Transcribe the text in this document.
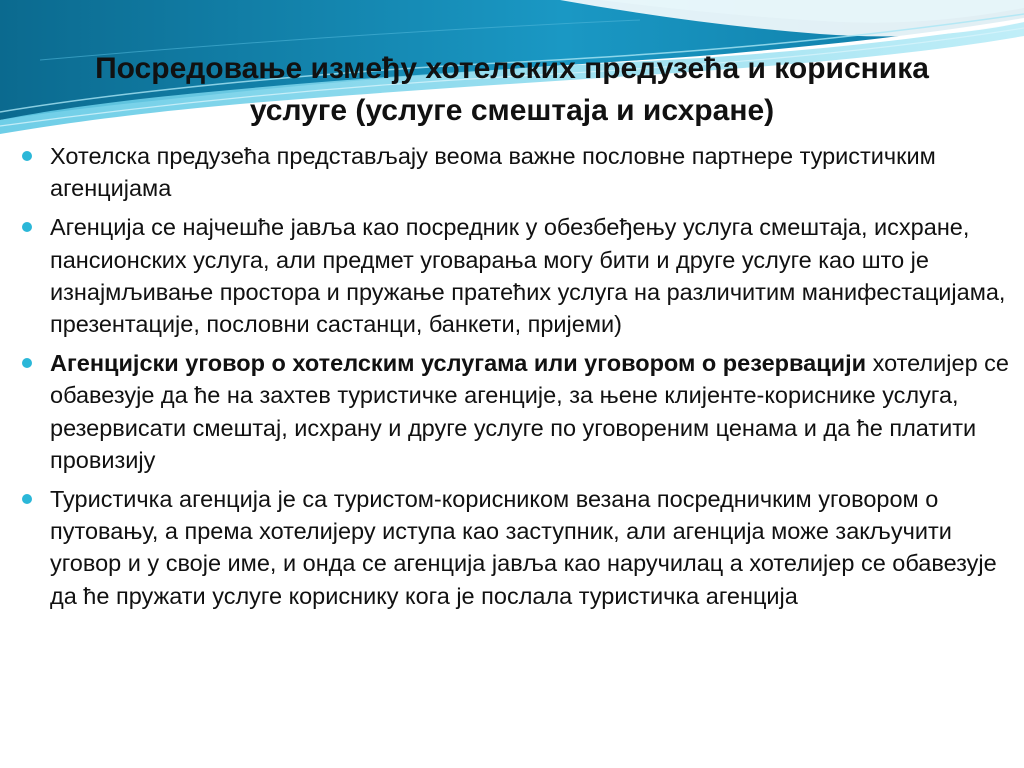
Посредовање између хотелских предузећа и корисника
услуге (услуге смештаја и исхране)
Хотелска предузећа представљају веома важне пословне партнере туристичким агенцијама
Агенција се најчешће јавља као посредник у обезбеђењу услуга смештаја, исхране, пансионских услуга, али предмет уговарања могу бити и друге услуге као што је изнајмљивање простора и пружање пратећих услуга на различитим манифестацијама, презентације, пословни састанци, банкети, пријеми)
Агенцијски уговор о хотелским услугама или уговором о резервацији хотелијер се обавезује да ће на захтев туристичке агенције, за њене клијенте-кориснике услуга, резервисати смештај, исхрану и друге услуге по уговореним ценама и да ће платити провизију
Туристичка агенција је са туристом-корисником везана посредничким уговором о путовању, а према хотелијеру иступа као заступник, али агенција може закључити уговор и у своје име, и онда се агенција јавља као наручилац а хотелијер се обавезује да ће пружати услуге кориснику кога је послала туристичка агенција
